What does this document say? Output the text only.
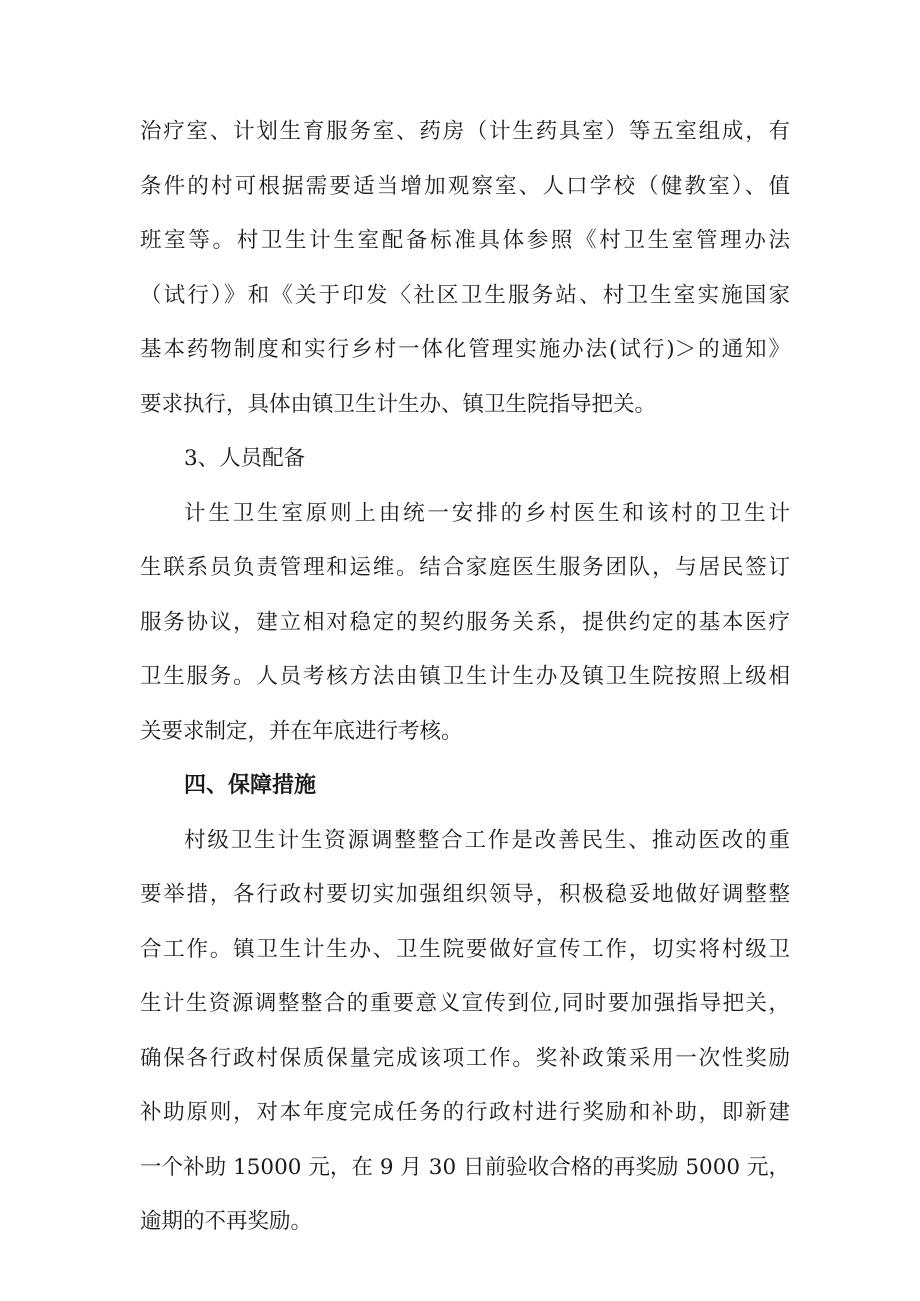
治疗室、计划生育服务室、药房（计生药具室）等五室组成，有
条件的村可根据需要适当增加观察室、人口学校（健教室）、值
班室等。村卫生计生室配备标准具体参照《村卫生室管理办法
（试行）》和《关于印发〈社区卫生服务站、村卫生室实施国家
基本药物制度和实行乡村一体化管理实施办法(试行)＞的通知》
要求执行，具体由镇卫生计生办、镇卫生院指导把关。
3、人员配备
计生卫生室原则上由统一安排的乡村医生和该村的卫生计
生联系员负责管理和运维。结合家庭医生服务团队，与居民签订
服务协议，建立相对稳定的契约服务关系，提供约定的基本医疗
卫生服务。人员考核方法由镇卫生计生办及镇卫生院按照上级相
关要求制定，并在年底进行考核。
四、保障措施
村级卫生计生资源调整整合工作是改善民生、推动医改的重
要举措，各行政村要切实加强组织领导，积极稳妥地做好调整整
合工作。镇卫生计生办、卫生院要做好宣传工作，切实将村级卫
生计生资源调整整合的重要意义宣传到位,同时要加强指导把关，
确保各行政村保质保量完成该项工作。奖补政策采用一次性奖励
补助原则，对本年度完成任务的行政村进行奖励和补助，即新建
一个补助 15000 元，在 9 月 30 日前验收合格的再奖励 5000 元，
逾期的不再奖励。
